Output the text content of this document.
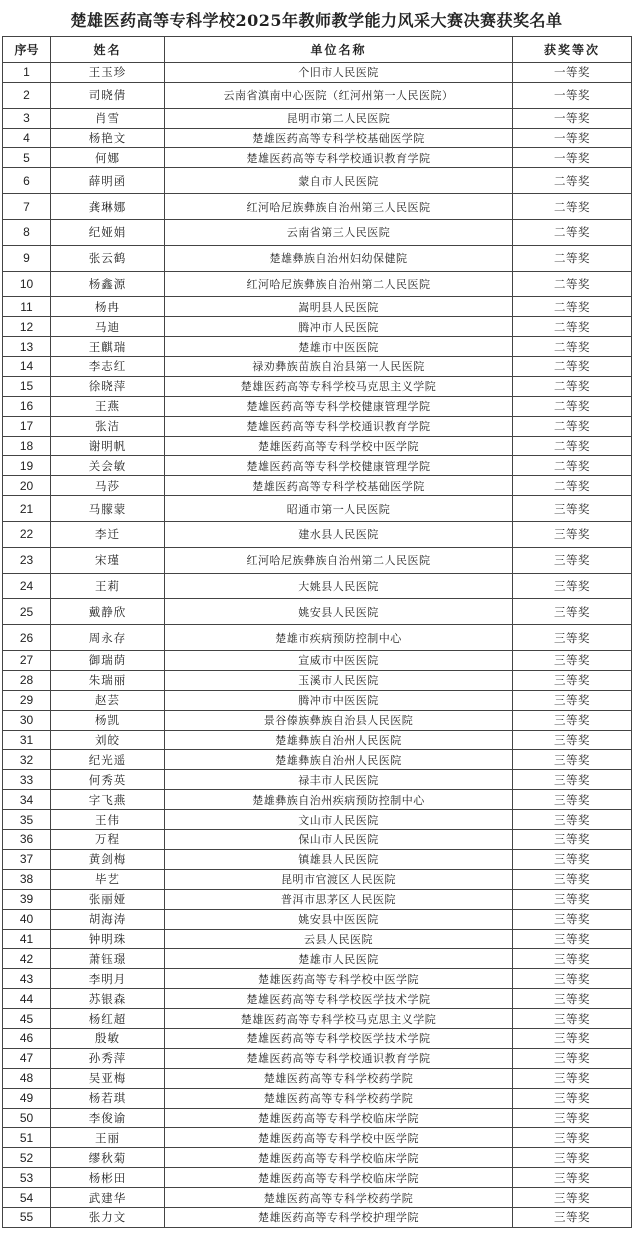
楚雄医药高等专科学校2025年教师教学能力风采大赛决赛获奖名单
序号	姓名	单位名称	获奖等次
1	王玉珍	个旧市人民医院	一等奖
2	司晓倩	云南省滇南中心医院（红河州第一人民医院）	一等奖
3	肖雪	昆明市第二人民医院	一等奖
4	杨艳文	楚雄医药高等专科学校基础医学院	一等奖
5	何娜	楚雄医药高等专科学校通识教育学院	一等奖
6	薛明函	蒙自市人民医院	二等奖
7	龚琳娜	红河哈尼族彝族自治州第三人民医院	二等奖
8	纪娅娟	云南省第三人民医院	二等奖
9	张云鹤	楚雄彝族自治州妇幼保健院	二等奖
10	杨鑫源	红河哈尼族彝族自治州第二人民医院	二等奖
11	杨冉	嵩明县人民医院	二等奖
12	马迪	腾冲市人民医院	二等奖
13	王麒瑞	楚雄市中医医院	二等奖
14	李志红	禄劝彝族苗族自治县第一人民医院	二等奖
15	徐晓萍	楚雄医药高等专科学校马克思主义学院	二等奖
16	王燕	楚雄医药高等专科学校健康管理学院	二等奖
17	张洁	楚雄医药高等专科学校通识教育学院	二等奖
18	谢明帆	楚雄医药高等专科学校中医学院	二等奖
19	关会敏	楚雄医药高等专科学校健康管理学院	二等奖
20	马莎	楚雄医药高等专科学校基础医学院	二等奖
21	马朦蒙	昭通市第一人民医院	三等奖
22	李迁	建水县人民医院	三等奖
23	宋瑾	红河哈尼族彝族自治州第二人民医院	三等奖
24	王莉	大姚县人民医院	三等奖
25	戴静欣	姚安县人民医院	三等奖
26	周永存	楚雄市疾病预防控制中心	三等奖
27	御瑞荫	宣威市中医医院	三等奖
28	朱瑞丽	玉溪市人民医院	三等奖
29	赵芸	腾冲市中医医院	三等奖
30	杨凯	景谷傣族彝族自治县人民医院	三等奖
31	刘皎	楚雄彝族自治州人民医院	三等奖
32	纪光遥	楚雄彝族自治州人民医院	三等奖
33	何秀英	禄丰市人民医院	三等奖
34	字飞燕	楚雄彝族自治州疾病预防控制中心	三等奖
35	王伟	文山市人民医院	三等奖
36	万程	保山市人民医院	三等奖
37	黄剑梅	镇雄县人民医院	三等奖
38	毕艺	昆明市官渡区人民医院	三等奖
39	张丽娅	普洱市思茅区人民医院	三等奖
40	胡海涛	姚安县中医医院	三等奖
41	钟明珠	云县人民医院	三等奖
42	萧钰璟	楚雄市人民医院	三等奖
43	李明月	楚雄医药高等专科学校中医学院	三等奖
44	苏银森	楚雄医药高等专科学校医学技术学院	三等奖
45	杨红超	楚雄医药高等专科学校马克思主义学院	三等奖
46	殷敏	楚雄医药高等专科学校医学技术学院	三等奖
47	孙秀萍	楚雄医药高等专科学校通识教育学院	三等奖
48	吴亚梅	楚雄医药高等专科学校药学院	三等奖
49	杨若琪	楚雄医药高等专科学校药学院	三等奖
50	李俊谕	楚雄医药高等专科学校临床学院	三等奖
51	王丽	楚雄医药高等专科学校中医学院	三等奖
52	缪秋菊	楚雄医药高等专科学校临床学院	三等奖
53	杨彬田	楚雄医药高等专科学校临床学院	三等奖
54	武建华	楚雄医药高等专科学校药学院	三等奖
55	张力文	楚雄医药高等专科学校护理学院	三等奖
